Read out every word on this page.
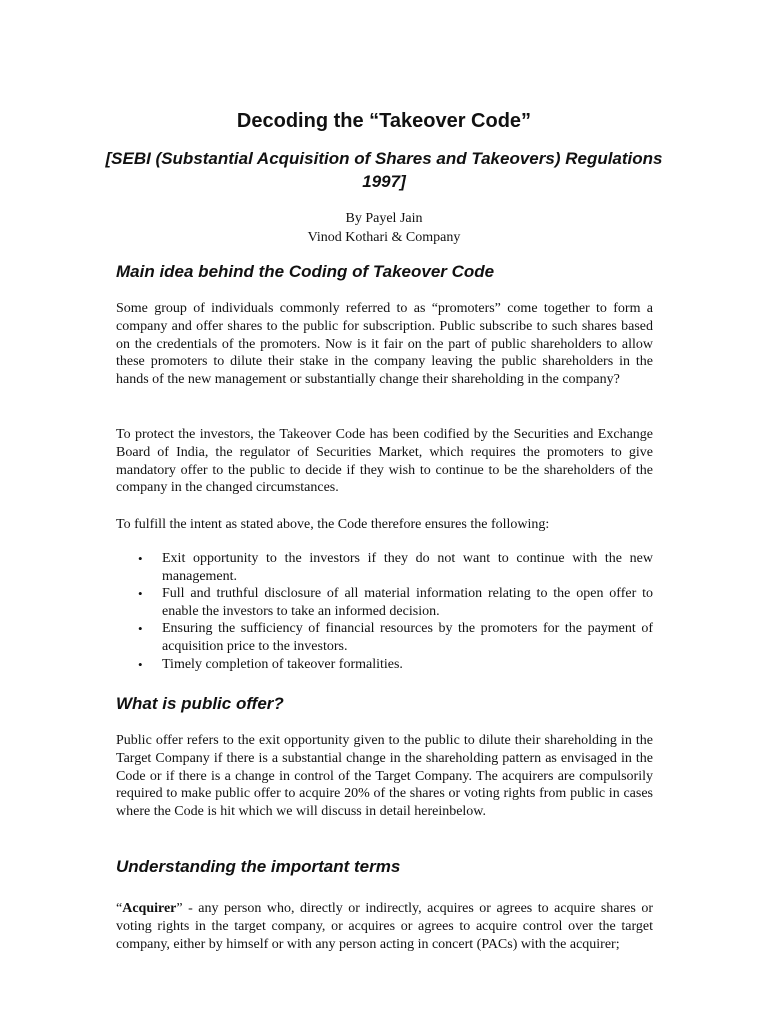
Decoding the “Takeover Code”
[SEBI (Substantial Acquisition of Shares and Takeovers) Regulations 1997]
By Payel Jain
Vinod Kothari & Company
Main idea behind the Coding of Takeover Code
Some group of individuals commonly referred to as “promoters” come together to form a company and offer shares to the public for subscription. Public subscribe to such shares based on the credentials of the promoters. Now is it fair on the part of public shareholders to allow these promoters to dilute their stake in the company leaving the public shareholders in the hands of the new management or substantially change their shareholding in the company?
To protect the investors, the Takeover Code has been codified by the Securities and Exchange Board of India, the regulator of Securities Market, which requires the promoters to give mandatory offer to the public to decide if they wish to continue to be the shareholders of the company in the changed circumstances.
To fulfill the intent as stated above, the Code therefore ensures the following:
• Exit opportunity to the investors if they do not want to continue with the new management.
• Full and truthful disclosure of all material information relating to the open offer to enable the investors to take an informed decision.
• Ensuring the sufficiency of financial resources by the promoters for the payment of acquisition price to the investors.
• Timely completion of takeover formalities.
What is public offer?
Public offer refers to the exit opportunity given to the public to dilute their shareholding in the Target Company if there is a substantial change in the shareholding pattern as envisaged in the Code or if there is a change in control of the Target Company. The acquirers are compulsorily required to make public offer to acquire 20% of the shares or voting rights from public in cases where the Code is hit which we will discuss in detail hereinbelow.
Understanding the important terms
“Acquirer” - any person who, directly or indirectly, acquires or agrees to acquire shares or voting rights in the target company, or acquires or agrees to acquire control over the target company, either by himself or with any person acting in concert (PACs) with the acquirer;
